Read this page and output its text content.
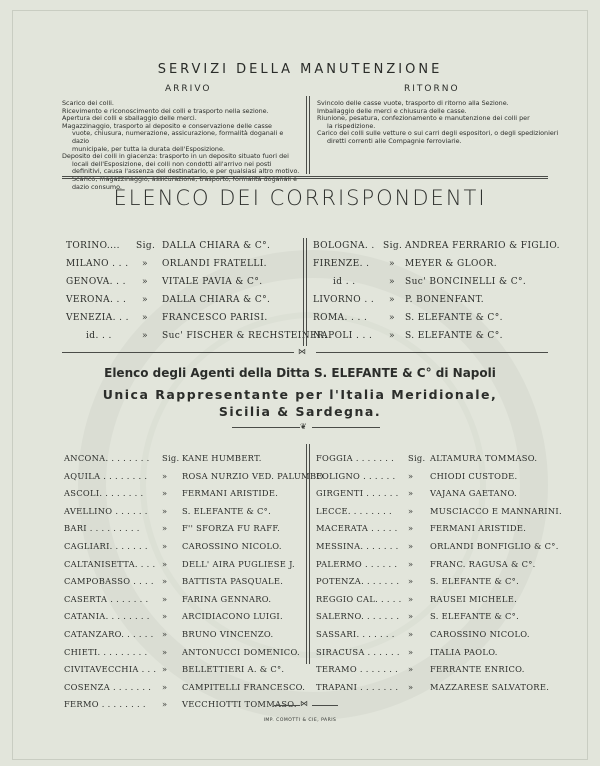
SERVIZI DELLA MANUTENZIONE
ARRIVO	RITORNO
Scarico dei colli.
Ricevimento e riconoscimento dei colli e trasporto nella sezione.
Apertura dei colli e sballaggio delle merci.
Magazzinaggio, trasporto al deposito e conservazione delle casse
vuote, chiusura, numerazione, assicurazione, formalità doganali e dazio
municipale, per tutta la durata dell'Esposizione.
Deposito dei colli in giacenza: trasporto in un deposito situato fuori dei
locali dell'Esposizione, dei colli non condotti all'arrivo nei posti
definitivi, causa l'assenza del destinatario, e per qualsiasi altro motivo.
Scarico, magazzinaggio, assicurazione, trasporto, formalità doganali e
dazio consumo.
Svincolo delle casse vuote, trasporto di ritorno alla Sezione.
Imballaggio delle merci e chiusura delle casse.
Riunione, pesatura, confezionamento e manutenzione dei colli per
la rispedizione.
Carico dei colli sulle vetture o sui carri degli espositori, o degli spedizionieri
diretti correnti alle Compagnie ferroviarie.
ELENCO DEI CORRISPONDENTI
TORINO.... Sig. DALLA CHIARA & C°.
MILANO . . . » ORLANDI FRATELLI.
GENOVA. . . » VITALE PAVIA & C°.
VERONA. . . » DALLA CHIARA & C°.
VENEZIA. . . » FRANCESCO PARISI.
id. . .	» Suc' FISCHER & RECHSTEINER.
BOLOGNA. . Sig. ANDREA FERRARIO & FIGLIO.
FIRENZE. . » MEYER & GLOOR.
id . .	» Suc' BONCINELLI & C°.
LIVORNO . . » P. BONENFANT.
ROMA. . . . » S. ELEFANTE & C°.
NAPOLI . . . » S. ELEFANTE & C°.
⋈
Elenco degli Agenti della Ditta S. ELEFANTE & C° di Napoli
Unica Rappresentante per l'Italia Meridionale,
Sicilia & Sardegna.
❦
ANCONA. . . . . . . . Sig. KANE HUMBERT.
AQUILA . . . . . . . . » ROSA NURZIO VED. PALUMBO
ASCOLI. . . . . . . . » FERMANI ARISTIDE.
AVELLINO . . . . . . » S. ELEFANTE & C°.
BARI . . . . . . . . .	» F'' SFORZA FU RAFF.
CAGLIARI. . . . . . . » CAROSSINO NICOLO.
CALTANISETTA. . . . » DELL' AIRA PUGLIESE J.
CAMPOBASSO . . . . » BATTISTA PASQUALE.
CASERTA . . . . . . . » FARINA GENNARO.
CATANIA. . . . . . . . » ARCIDIACONO LUIGI.
CATANZARO. . . . . . » BRUNO VINCENZO.
CHIETI. . . . . . . . . » ANTONUCCI DOMENICO.
CIVITAVECCHIA . . . » BELLETTIERI A. & C°.
COSENZA . . . . . . . » CAMPITELLI FRANCESCO.
FERMO . . . . . . . . » VECCHIOTTI TOMMASO.
FOGGIA . . . . . . . Sig. ALTAMURA TOMMASO.
FOLIGNO . . . . . . » CHIODI CUSTODE.
GIRGENTI . . . . . . » VAJANA GAETANO.
LECCE. . . . . . . . » MUSCIACCO E MANNARINI.
MACERATA . . . . . » FERMANI ARISTIDE.
MESSINA. . . . . . . » ORLANDI BONFIGLIO & C°.
PALERMO . . . . . . » FRANC. RAGUSA & C°.
POTENZA. . . . . . . » S. ELEFANTE & C°.
REGGIO CAL. . . . . » RAUSEI MICHELE.
SALERNO. . . . . . . » S. ELEFANTE & C°.
SASSARI. . . . . . . » CAROSSINO NICOLO.
SIRACUSA . . . . . . » ITALIA PAOLO.
TERAMO . . . . . . . » FERRANTE ENRICO.
TRAPANI . . . . . . . » MAZZARESE SALVATORE.
⋈
IMP. COMOTTI & CIE, PARIS
